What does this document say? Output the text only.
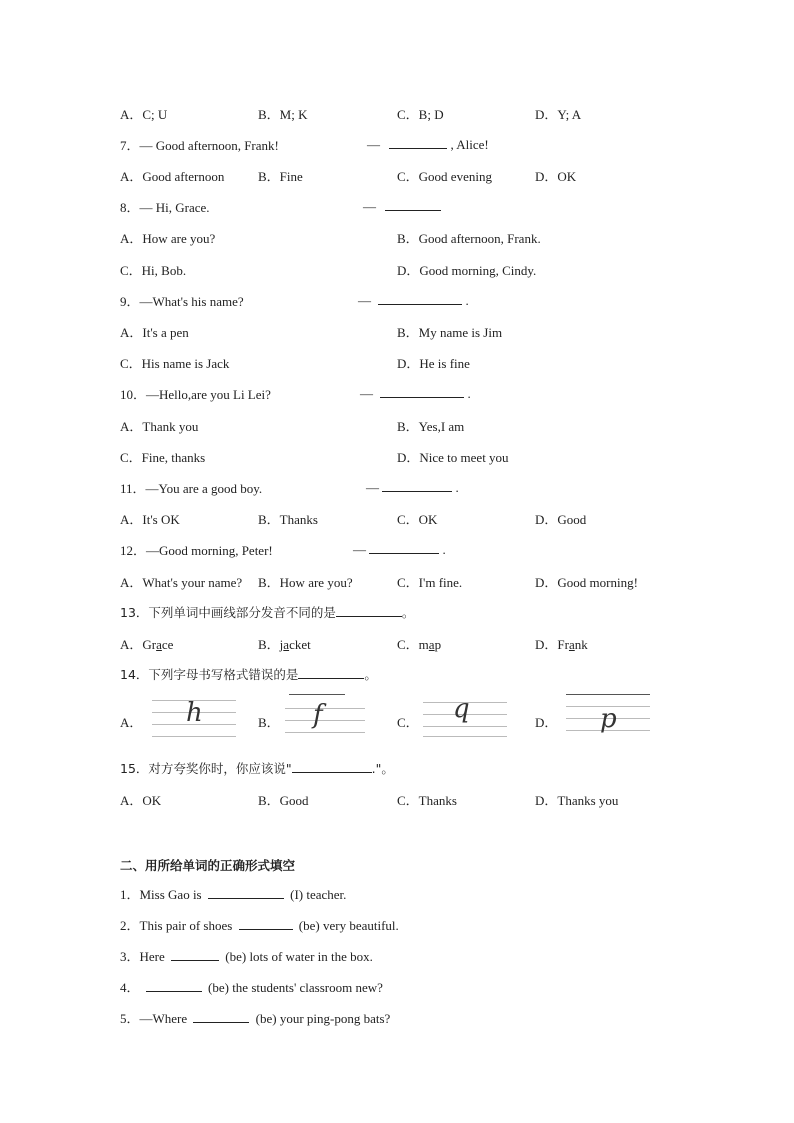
A．C; U	B．M; K	C．B; D	D．Y; A
7．— Good afternoon, Frank!	—	, Alice!
A．Good afternoon	B．Fine	C．Good evening	D．OK
8．— Hi, Grace.	—
A．How are you?	B．Good afternoon, Frank.
C．Hi, Bob.	D．Good morning, Cindy.
9．—What's his name?	—	.
A．It's a pen	B．My name is Jim
C．His name is Jack	D．He is fine
10．—Hello,are you Li Lei?	—	.
A．Thank you	B．Yes,I am
C．Fine, thanks	D．Nice to meet you
11．—You are a good boy.	—	.
A．It's OK	B．Thanks	C．OK	D．Good
12．—Good morning, Peter!	—	.
A．What's your name? B．How are you?	C．I'm fine.	D．Good morning!
13．下列单词中画线部分发音不同的是	。
A．Grace	B．jacket	C．map	D．Frank
14．下列字母书写格式错误的是	。
A． h	B． f	C． q	D． p
15．对方夸奖你时，你应该说"	."。
A．OK	B．Good	C．Thanks	D．Thanks you
二、用所给单词的正确形式填空
1．Miss Gao is	(I) teacher.
2．This pair of shoes	(be) very beautiful.
3．Here	(be) lots of water in the box.
4．	(be) the students' classroom new?
5．—Where	(be) your ping-pong bats?
